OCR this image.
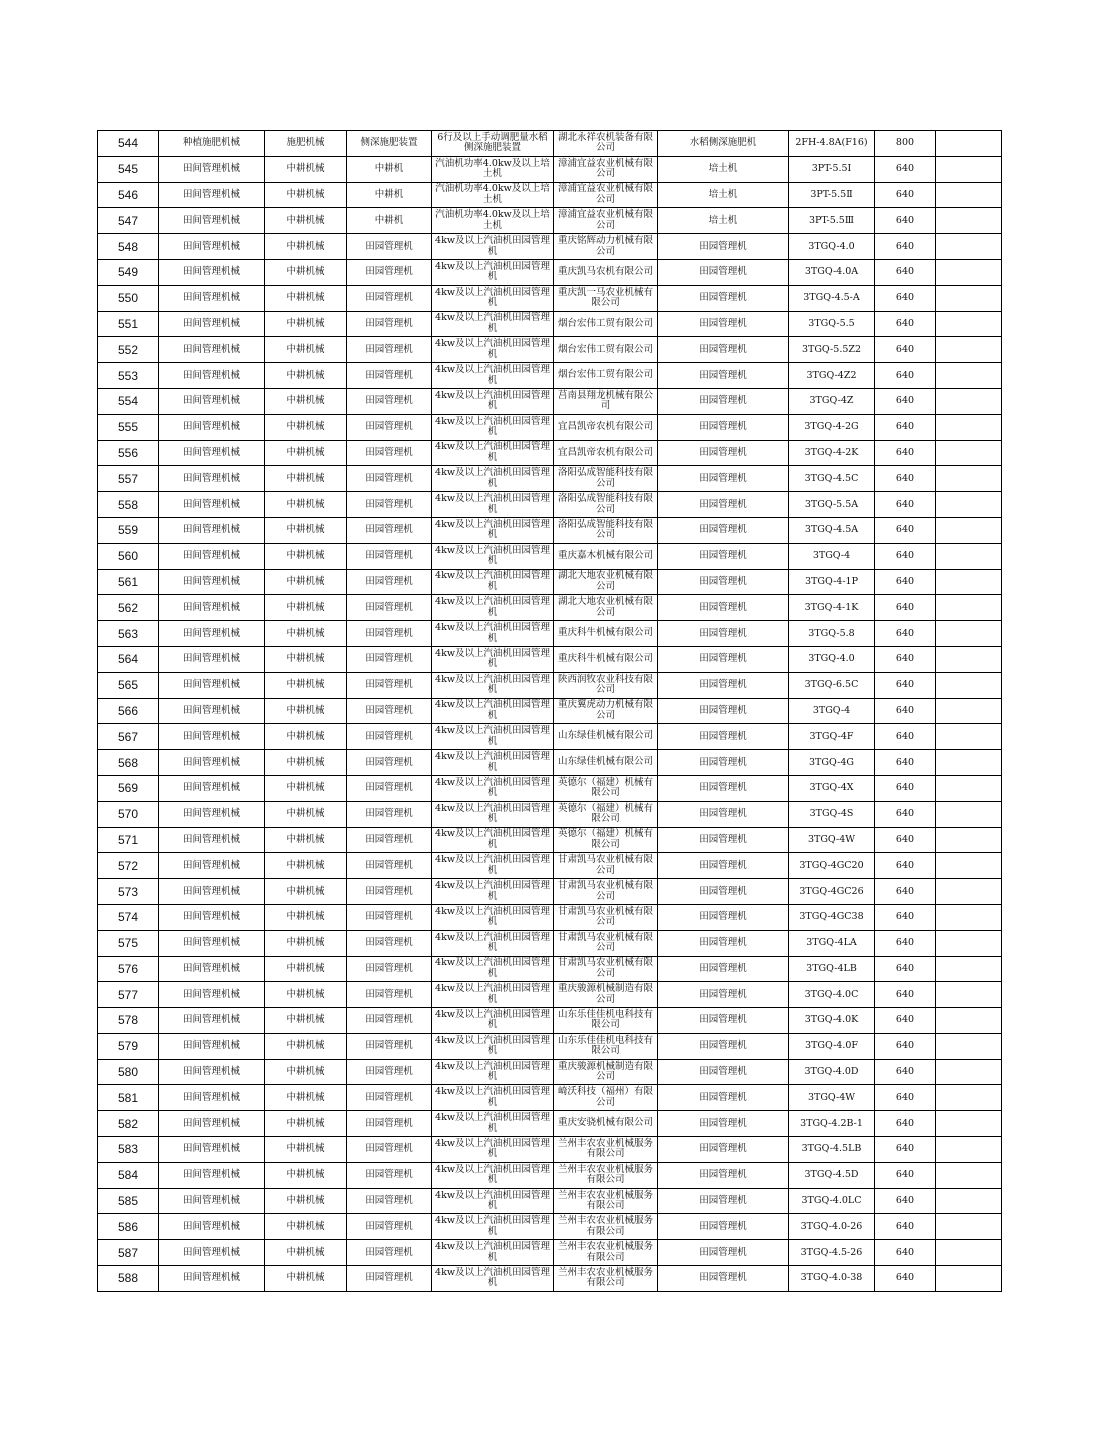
544	种植施肥机械	施肥机械	侧深施肥装置	6行及以上手动调肥量水稻侧深施肥装置	湖北永祥农机装备有限公司	水稻侧深施肥机	2FH-4.8A(F16)	800	
545	田间管理机械	中耕机械	中耕机	汽油机功率4.0kw及以上培土机	漳浦宜益农业机械有限公司	培土机	3PT-5.5Ⅰ	640	
546	田间管理机械	中耕机械	中耕机	汽油机功率4.0kw及以上培土机	漳浦宜益农业机械有限公司	培土机	3PT-5.5Ⅱ	640	
547	田间管理机械	中耕机械	中耕机	汽油机功率4.0kw及以上培土机	漳浦宜益农业机械有限公司	培土机	3PT-5.5Ⅲ	640	
548	田间管理机械	中耕机械	田园管理机	4kw及以上汽油机田园管理机	重庆铭辉动力机械有限公司	田园管理机	3TGQ-4.0	640	
549	田间管理机械	中耕机械	田园管理机	4kw及以上汽油机田园管理机	重庆凯马农机有限公司	田园管理机	3TGQ-4.0A	640	
550	田间管理机械	中耕机械	田园管理机	4kw及以上汽油机田园管理机	重庆凯一马农业机械有限公司	田园管理机	3TGQ-4.5-A	640	
551	田间管理机械	中耕机械	田园管理机	4kw及以上汽油机田园管理机	烟台宏伟工贸有限公司	田园管理机	3TGQ-5.5	640	
552	田间管理机械	中耕机械	田园管理机	4kw及以上汽油机田园管理机	烟台宏伟工贸有限公司	田园管理机	3TGQ-5.5Z2	640	
553	田间管理机械	中耕机械	田园管理机	4kw及以上汽油机田园管理机	烟台宏伟工贸有限公司	田园管理机	3TGQ-4Z2	640	
554	田间管理机械	中耕机械	田园管理机	4kw及以上汽油机田园管理机	莒南县翔龙机械有限公司	田园管理机	3TGQ-4Z	640	
555	田间管理机械	中耕机械	田园管理机	4kw及以上汽油机田园管理机	宜昌凯帝农机有限公司	田园管理机	3TGQ-4-2G	640	
556	田间管理机械	中耕机械	田园管理机	4kw及以上汽油机田园管理机	宜昌凯帝农机有限公司	田园管理机	3TGQ-4-2K	640	
557	田间管理机械	中耕机械	田园管理机	4kw及以上汽油机田园管理机	洛阳弘成智能科技有限公司	田园管理机	3TGQ-4.5C	640	
558	田间管理机械	中耕机械	田园管理机	4kw及以上汽油机田园管理机	洛阳弘成智能科技有限公司	田园管理机	3TGQ-5.5A	640	
559	田间管理机械	中耕机械	田园管理机	4kw及以上汽油机田园管理机	洛阳弘成智能科技有限公司	田园管理机	3TGQ-4.5A	640	
560	田间管理机械	中耕机械	田园管理机	4kw及以上汽油机田园管理机	重庆嘉木机械有限公司	田园管理机	3TGQ-4	640	
561	田间管理机械	中耕机械	田园管理机	4kw及以上汽油机田园管理机	湖北大地农业机械有限公司	田园管理机	3TGQ-4-1P	640	
562	田间管理机械	中耕机械	田园管理机	4kw及以上汽油机田园管理机	湖北大地农业机械有限公司	田园管理机	3TGQ-4-1K	640	
563	田间管理机械	中耕机械	田园管理机	4kw及以上汽油机田园管理机	重庆科牛机械有限公司	田园管理机	3TGQ-5.8	640	
564	田间管理机械	中耕机械	田园管理机	4kw及以上汽油机田园管理机	重庆科牛机械有限公司	田园管理机	3TGQ-4.0	640	
565	田间管理机械	中耕机械	田园管理机	4kw及以上汽油机田园管理机	陕西润牧农业科技有限公司	田园管理机	3TGQ-6.5C	640	
566	田间管理机械	中耕机械	田园管理机	4kw及以上汽油机田园管理机	重庆翼虎动力机械有限公司	田园管理机	3TGQ-4	640	
567	田间管理机械	中耕机械	田园管理机	4kw及以上汽油机田园管理机	山东绿佳机械有限公司	田园管理机	3TGQ-4F	640	
568	田间管理机械	中耕机械	田园管理机	4kw及以上汽油机田园管理机	山东绿佳机械有限公司	田园管理机	3TGQ-4G	640	
569	田间管理机械	中耕机械	田园管理机	4kw及以上汽油机田园管理机	英德尔（福建）机械有限公司	田园管理机	3TGQ-4X	640	
570	田间管理机械	中耕机械	田园管理机	4kw及以上汽油机田园管理机	英德尔（福建）机械有限公司	田园管理机	3TGQ-4S	640	
571	田间管理机械	中耕机械	田园管理机	4kw及以上汽油机田园管理机	英德尔（福建）机械有限公司	田园管理机	3TGQ-4W	640	
572	田间管理机械	中耕机械	田园管理机	4kw及以上汽油机田园管理机	甘肃凯马农业机械有限公司	田园管理机	3TGQ-4GC20	640	
573	田间管理机械	中耕机械	田园管理机	4kw及以上汽油机田园管理机	甘肃凯马农业机械有限公司	田园管理机	3TGQ-4GC26	640	
574	田间管理机械	中耕机械	田园管理机	4kw及以上汽油机田园管理机	甘肃凯马农业机械有限公司	田园管理机	3TGQ-4GC38	640	
575	田间管理机械	中耕机械	田园管理机	4kw及以上汽油机田园管理机	甘肃凯马农业机械有限公司	田园管理机	3TGQ-4LA	640	
576	田间管理机械	中耕机械	田园管理机	4kw及以上汽油机田园管理机	甘肃凯马农业机械有限公司	田园管理机	3TGQ-4LB	640	
577	田间管理机械	中耕机械	田园管理机	4kw及以上汽油机田园管理机	重庆骏源机械制造有限公司	田园管理机	3TGQ-4.0C	640	
578	田间管理机械	中耕机械	田园管理机	4kw及以上汽油机田园管理机	山东乐佳佳机电科技有限公司	田园管理机	3TGQ-4.0K	640	
579	田间管理机械	中耕机械	田园管理机	4kw及以上汽油机田园管理机	山东乐佳佳机电科技有限公司	田园管理机	3TGQ-4.0F	640	
580	田间管理机械	中耕机械	田园管理机	4kw及以上汽油机田园管理机	重庆骏源机械制造有限公司	田园管理机	3TGQ-4.0D	640	
581	田间管理机械	中耕机械	田园管理机	4kw及以上汽油机田园管理机	崎沃科技（福州）有限公司	田园管理机	3TGQ-4W	640	
582	田间管理机械	中耕机械	田园管理机	4kw及以上汽油机田园管理机	重庆安骁机械有限公司	田园管理机	3TGQ-4.2B-1	640	
583	田间管理机械	中耕机械	田园管理机	4kw及以上汽油机田园管理机	兰州丰农农业机械服务有限公司	田园管理机	3TGQ-4.5LB	640	
584	田间管理机械	中耕机械	田园管理机	4kw及以上汽油机田园管理机	兰州丰农农业机械服务有限公司	田园管理机	3TGQ-4.5D	640	
585	田间管理机械	中耕机械	田园管理机	4kw及以上汽油机田园管理机	兰州丰农农业机械服务有限公司	田园管理机	3TGQ-4.0LC	640	
586	田间管理机械	中耕机械	田园管理机	4kw及以上汽油机田园管理机	兰州丰农农业机械服务有限公司	田园管理机	3TGQ-4.0-26	640	
587	田间管理机械	中耕机械	田园管理机	4kw及以上汽油机田园管理机	兰州丰农农业机械服务有限公司	田园管理机	3TGQ-4.5-26	640	
588	田间管理机械	中耕机械	田园管理机	4kw及以上汽油机田园管理机	兰州丰农农业机械服务有限公司	田园管理机	3TGQ-4.0-38	640	
